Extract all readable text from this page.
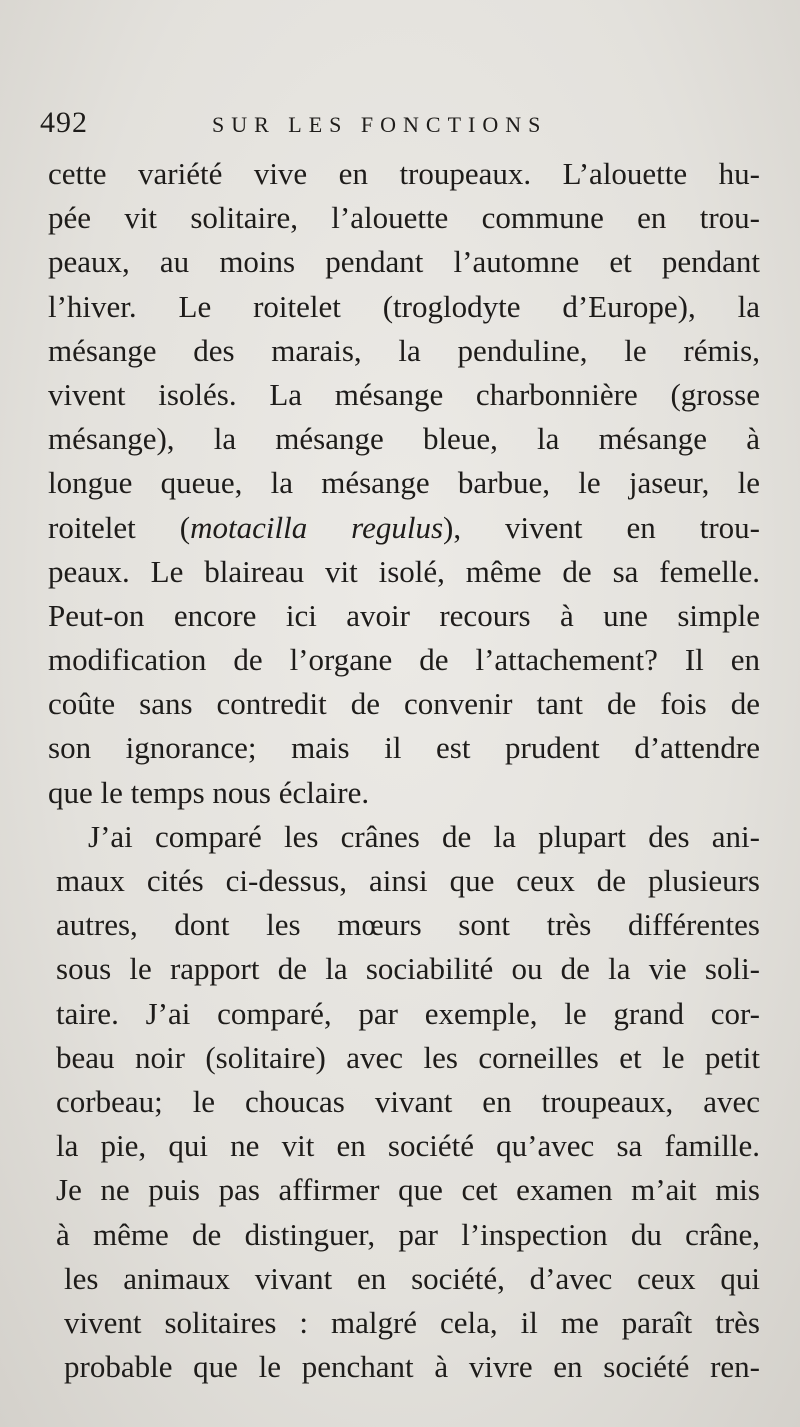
492	SUR LES FONCTIONS
cette variété vive en troupeaux. L’alouette hu-
pée vit solitaire, l’alouette commune en trou-
peaux, au moins pendant l’automne et pendant
l’hiver. Le roitelet (troglodyte d’Europe), la
mésange des marais, la penduline, le rémis,
vivent isolés. La mésange charbonnière (grosse
mésange), la mésange bleue, la mésange à
longue queue, la mésange barbue, le jaseur, le
roitelet (motacilla regulus), vivent en trou-
peaux. Le blaireau vit isolé, même de sa femelle.
Peut-on encore ici avoir recours à une simple
modification de l’organe de l’attachement? Il en
coûte sans contredit de convenir tant de fois de
son ignorance; mais il est prudent d’attendre
que le temps nous éclaire.
J’ai comparé les crânes de la plupart des ani-
maux cités ci-dessus, ainsi que ceux de plusieurs
autres, dont les mœurs sont très différentes
sous le rapport de la sociabilité ou de la vie soli-
taire. J’ai comparé, par exemple, le grand cor-
beau noir (solitaire) avec les corneilles et le petit
corbeau; le choucas vivant en troupeaux, avec
la pie, qui ne vit en société qu’avec sa famille.
Je ne puis pas affirmer que cet examen m’ait mis
à même de distinguer, par l’inspection du crâne,
les animaux vivant en société, d’avec ceux qui
vivent solitaires : malgré cela, il me paraît très
probable que le penchant à vivre en société ren-
